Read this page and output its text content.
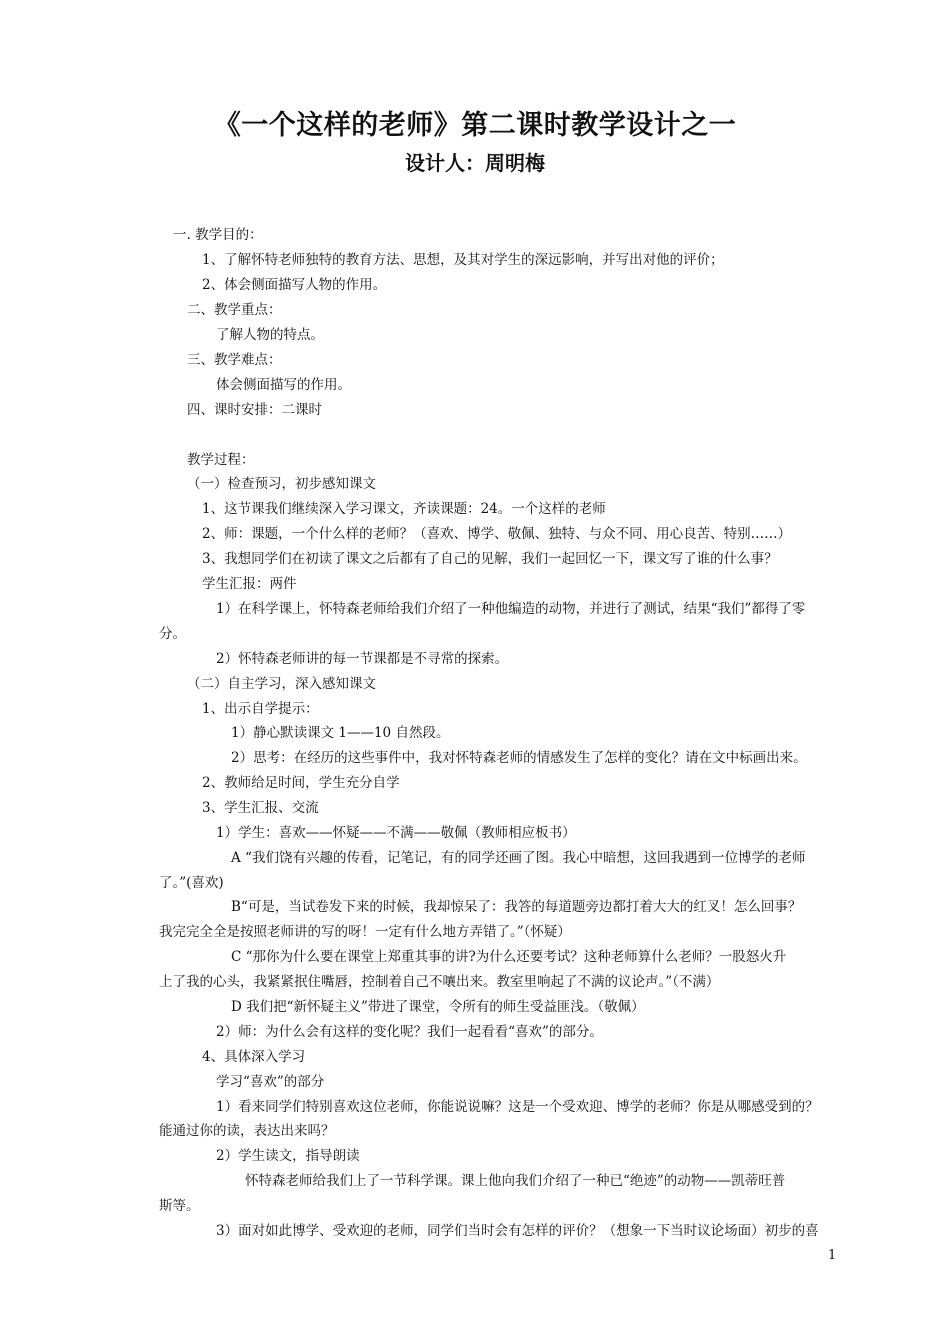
《一个这样的老师》第二课时教学设计之一
设计人：周明梅
一. 教学目的：
1、了解怀特老师独特的教育方法、思想，及其对学生的深远影响，并写出对他的评价；
2、体会侧面描写人物的作用。
二、教学重点：
了解人物的特点。
三、教学难点：
体会侧面描写的作用。
四、课时安排：二课时
教学过程：
（一）检查预习，初步感知课文
1、这节课我们继续深入学习课文，齐读课题：24。一个这样的老师
2、师：课题，一个什么样的老师？（喜欢、博学、敬佩、独特、与众不同、用心良苦、特别……）
3、我想同学们在初读了课文之后都有了自己的见解，我们一起回忆一下，课文写了谁的什么事？
学生汇报：两件
1）在科学课上，怀特森老师给我们介绍了一种他编造的动物，并进行了测试，结果“我们”都得了零
分。
2）怀特森老师讲的每一节课都是不寻常的探索。
（二）自主学习，深入感知课文
1、出示自学提示：
1）静心默读课文 1——10 自然段。
2）思考：在经历的这些事件中，我对怀特森老师的情感发生了怎样的变化？请在文中标画出来。
2、教师给足时间，学生充分自学
3、学生汇报、交流
1）学生：喜欢——怀疑——不满——敬佩（教师相应板书）
A “我们饶有兴趣的传看，记笔记，有的同学还画了图。我心中暗想，这回我遇到一位博学的老师
了。”(喜欢)
B“可是，当试卷发下来的时候，我却惊呆了：我答的每道题旁边都打着大大的红叉！怎么回事？
我完完全全是按照老师讲的写的呀！一定有什么地方弄错了。”（怀疑）
C “那你为什么要在课堂上郑重其事的讲?为什么还要考试？这种老师算什么老师？一股怒火升
上了我的心头，我紧紧抿住嘴唇，控制着自己不嚷出来。教室里响起了不满的议论声。”（不满）
D 我们把“新怀疑主义”带进了课堂，令所有的师生受益匪浅。（敬佩）
2）师：为什么会有这样的变化呢？我们一起看看“喜欢”的部分。
4、具体深入学习
学习“喜欢”的部分
1）看来同学们特别喜欢这位老师，你能说说嘛？这是一个受欢迎、博学的老师？你是从哪感受到的？
能通过你的读，表达出来吗？
2）学生读文，指导朗读
怀特森老师给我们上了一节科学课。课上他向我们介绍了一种已“绝迹”的动物——凯蒂旺普
斯等。
3）面对如此博学、受欢迎的老师，同学们当时会有怎样的评价？（想象一下当时议论场面）初步的喜
1
